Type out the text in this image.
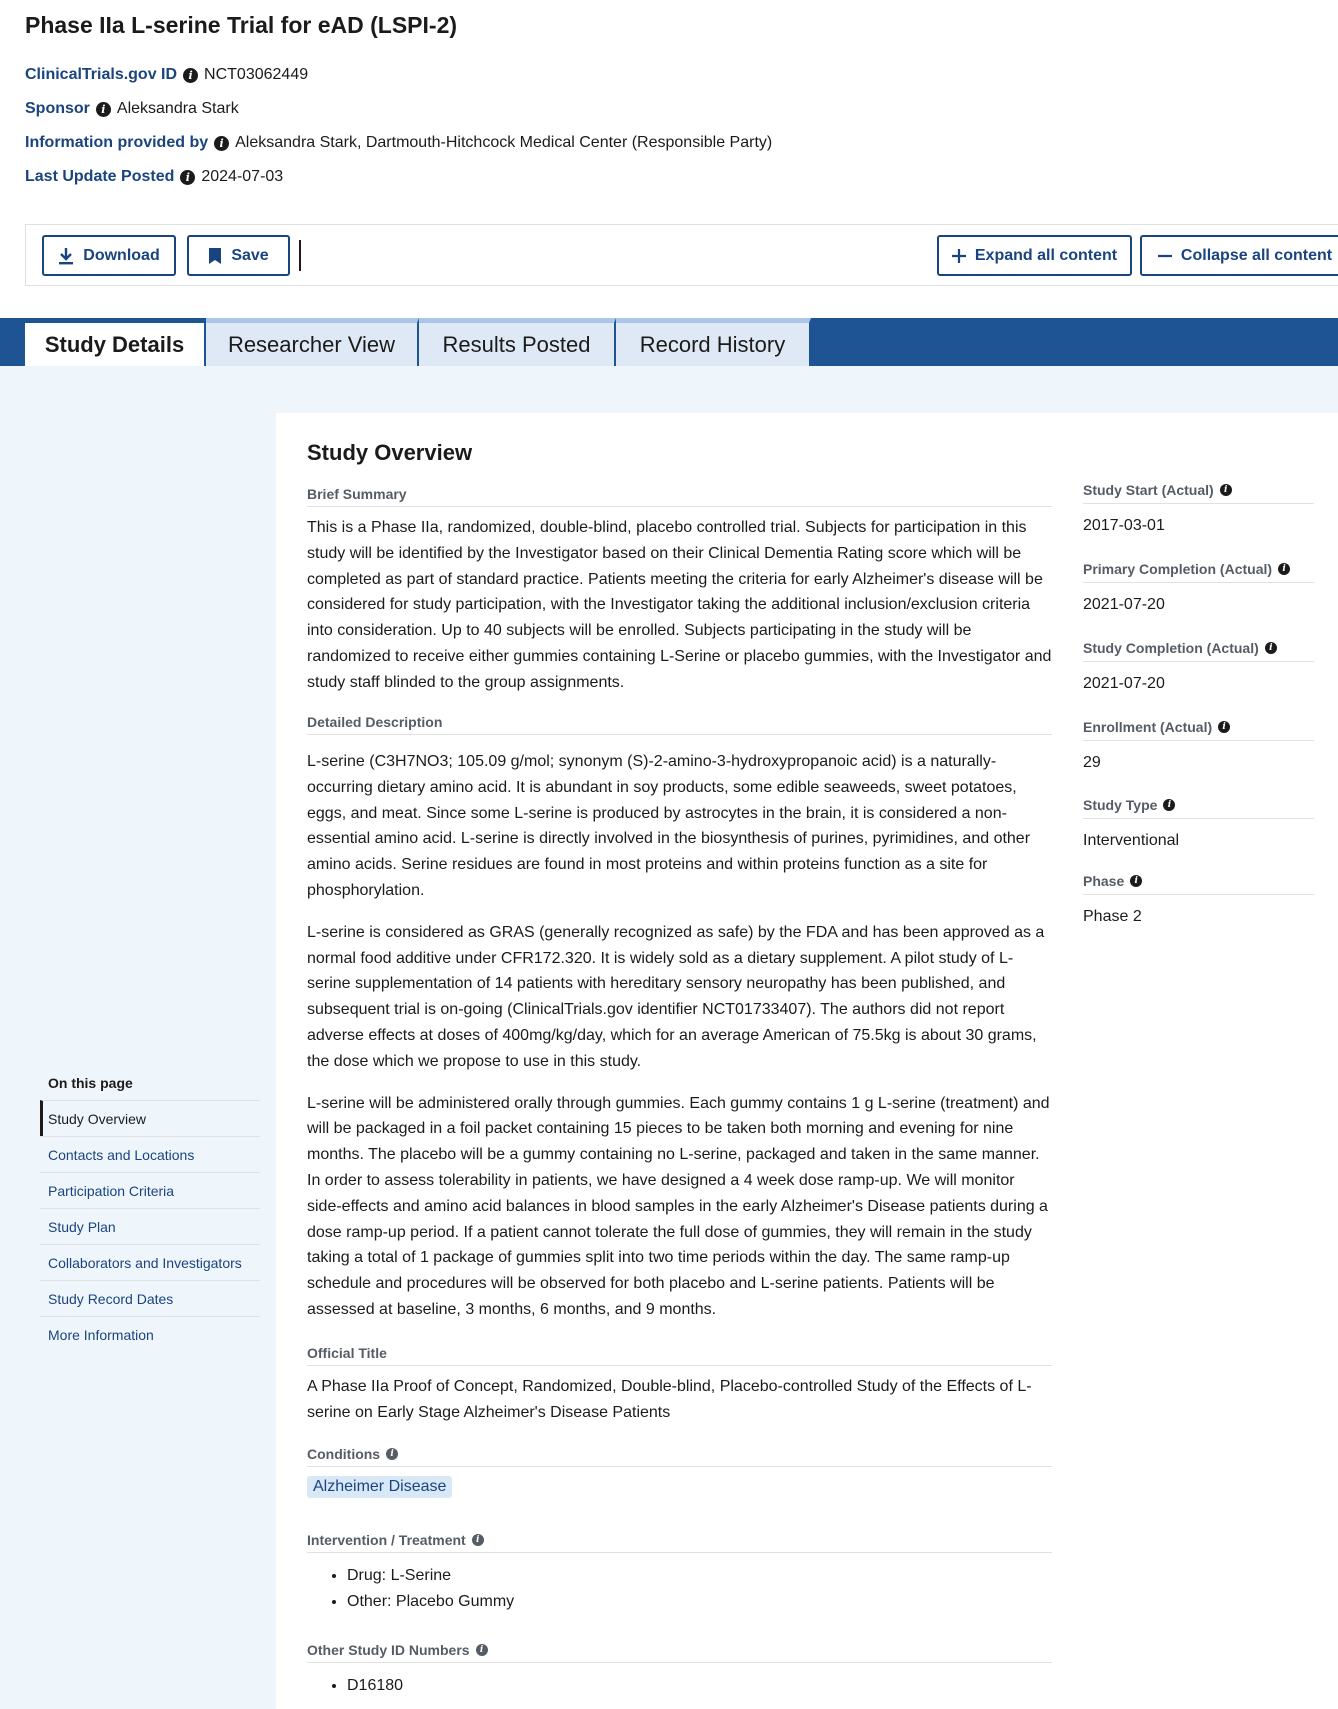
Phase IIa L-serine Trial for eAD (LSPI-2)
ClinicalTrials.gov ID	i NCT03062449
Sponsor	i Aleksandra Stark
Information provided by	i Aleksandra Stark, Dartmouth-Hitchcock Medical Center (Responsible Party)
Last Update Posted	i 2024-07-03
Download	Save	Expand all content	Collapse all content
Study Details	Researcher View	Results Posted	Record History
On this page
Study Overview
Contacts and Locations
Participation Criteria
Study Plan
Collaborators and Investigators
Study Record Dates
More Information
Study Overview
Brief Summary

This is a Phase IIa, randomized, double-blind, placebo controlled trial. Subjects for participation in this study will be identified by the Investigator based on their Clinical Dementia Rating score which will be completed as part of standard practice. Patients meeting the criteria for early Alzheimer's disease will be considered for study participation, with the Investigator taking the additional inclusion/exclusion criteria into consideration. Up to 40 subjects will be enrolled. Subjects participating in the study will be randomized to receive either gummies containing L-Serine or placebo gummies, with the Investigator and study staff blinded to the group assignments.

Detailed Description

L-serine (C3H7NO3; 105.09 g/mol; synonym (S)-2-amino-3-hydroxypropanoic acid) is a naturally-occurring dietary amino acid. It is abundant in soy products, some edible seaweeds, sweet potatoes, eggs, and meat. Since some L-serine is produced by astrocytes in the brain, it is considered a non-essential amino acid. L-serine is directly involved in the biosynthesis of purines, pyrimidines, and other amino acids. Serine residues are found in most proteins and within proteins function as a site for phosphorylation.

L-serine is considered as GRAS (generally recognized as safe) by the FDA and has been approved as a normal food additive under CFR172.320. It is widely sold as a dietary supplement. A pilot study of L-serine supplementation of 14 patients with hereditary sensory neuropathy has been published, and subsequent trial is on-going (ClinicalTrials.gov identifier NCT01733407). The authors did not report adverse effects at doses of 400mg/kg/day, which for an average American of 75.5kg is about 30 grams, the dose which we propose to use in this study.

L-serine will be administered orally through gummies. Each gummy contains 1 g L-serine (treatment) and will be packaged in a foil packet containing 15 pieces to be taken both morning and evening for nine months. The placebo will be a gummy containing no L-serine, packaged and taken in the same manner. In order to assess tolerability in patients, we have designed a 4 week dose ramp-up. We will monitor side-effects and amino acid balances in blood samples in the early Alzheimer's Disease patients during a dose ramp-up period. If a patient cannot tolerate the full dose of gummies, they will remain in the study taking a total of 1 package of gummies split into two time periods within the day. The same ramp-up schedule and procedures will be observed for both placebo and L-serine patients. Patients will be assessed at baseline, 3 months, 6 months, and 9 months.

Official Title

A Phase IIa Proof of Concept, Randomized, Double-blind, Placebo-controlled Study of the Effects of L-serine on Early Stage Alzheimer's Disease Patients

Conditions	i
Alzheimer Disease
Intervention / Treatment	i
• Drug: L-Serine
• Other: Placebo Gummy
Other Study ID Numbers	i
• D16180
Study Start (Actual)	i
2017-03-01
Primary Completion (Actual)	i
2021-07-20
Study Completion (Actual)	i
2021-07-20
Enrollment (Actual)	i
29
Study Type	i
Interventional
Phase	i
Phase 2
